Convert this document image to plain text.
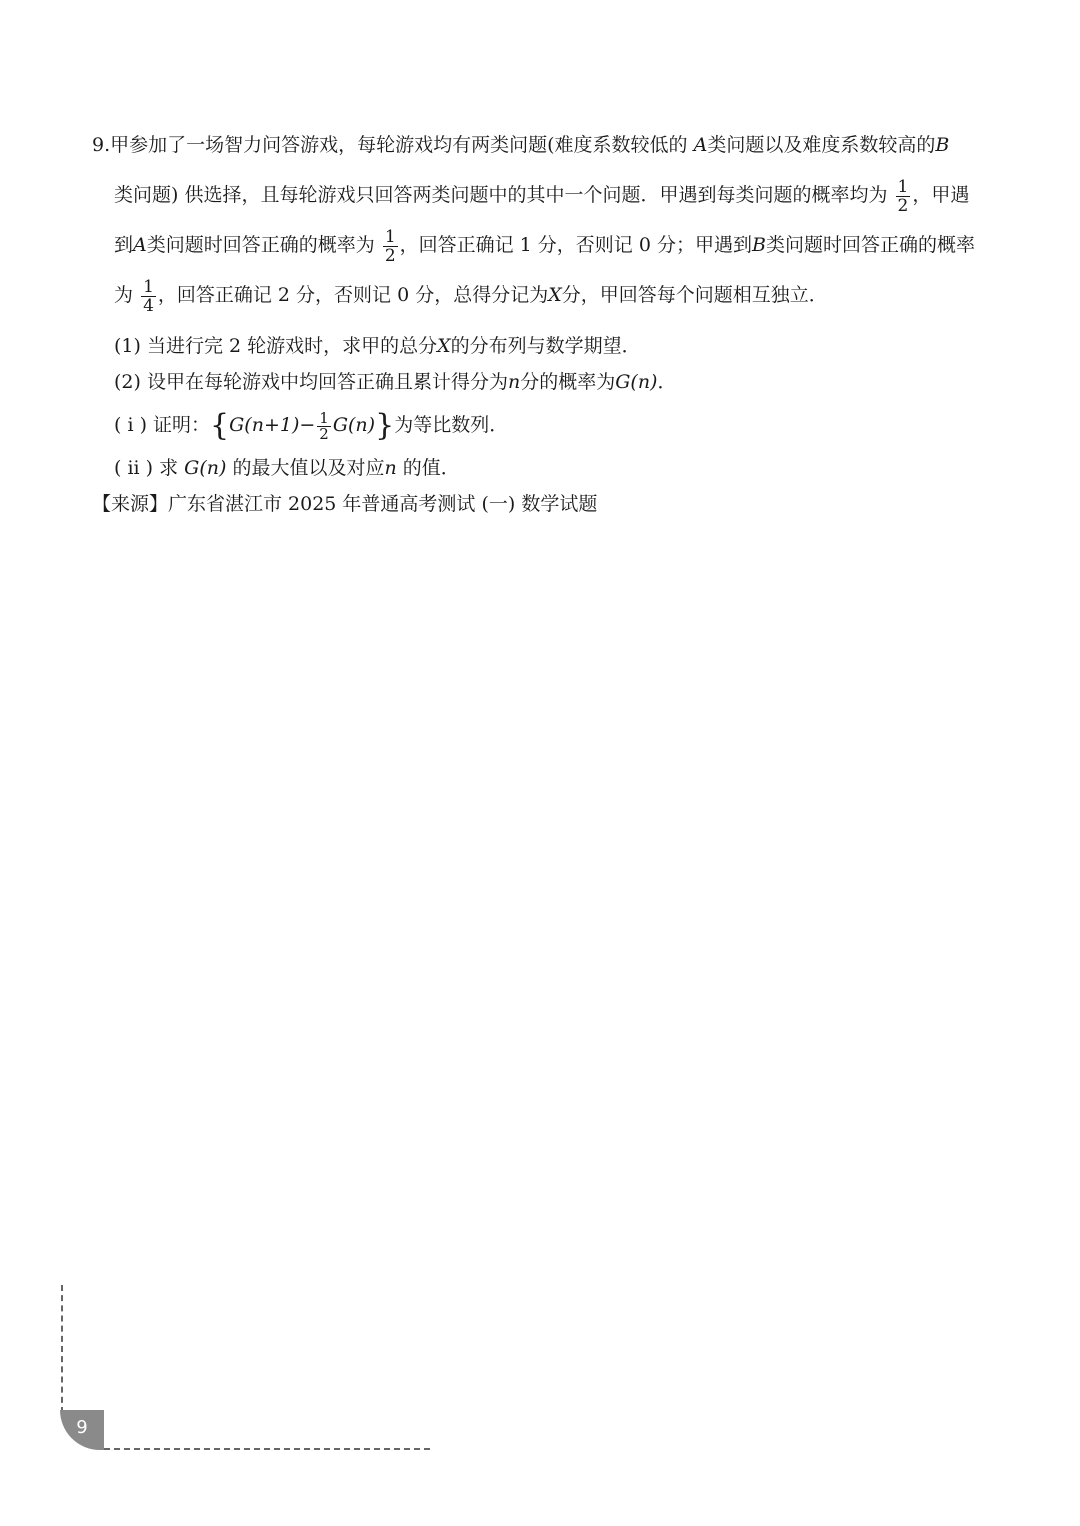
9.甲参加了一场智力问答游戏，每轮游戏均有两类问题(难度系数较低的 A类问题以及难度系数较高的B
类问题) 供选择，且每轮游戏只回答两类问题中的其中一个问题．甲遇到每类问题的概率均为 $\frac{1}{2}$ ，甲遇
到A类问题时回答正确的概率为 $\frac{1}{2}$ ，回答正确记 1 分，否则记 0 分；甲遇到B类问题时回答正确的概率
为 $\frac{1}{4}$ ，回答正确记 2 分，否则记 0 分，总得分记为X分，甲回答每个问题相互独立．
(1) 当进行完 2 轮游戏时，求甲的总分X的分布列与数学期望．
(2) 设甲在每轮游戏中均回答正确且累计得分为n分的概率为G(n)．
( i ) 证明：$\{G(n+1)- \frac{1}{2} G(n)\}$为等比数列．
( ii ) 求 G(n) 的最大值以及对应n 的值．
【来源】广东省湛江市 2025 年普通高考测试 (一) 数学试题
9
